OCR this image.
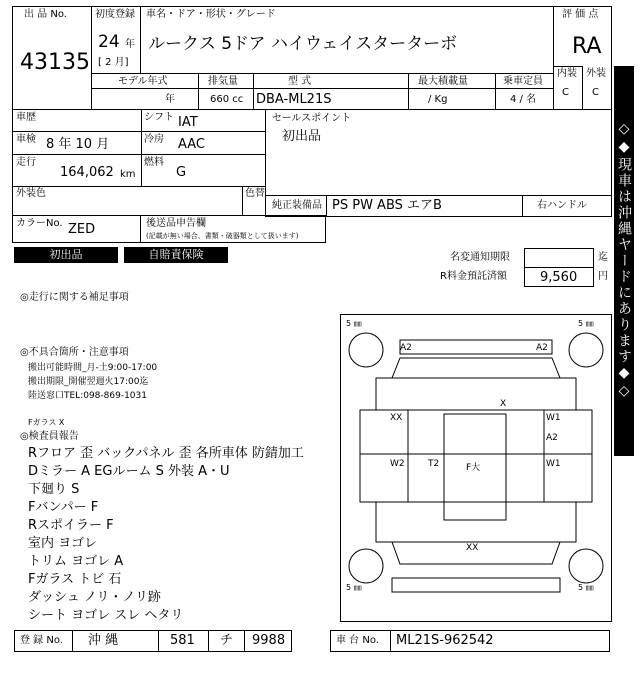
出 品 No.
43135
初度登録
24 年
[ 2 月]
車名・ドア・形状・グレード
ルークス 5ドア ハイウェイスターターボ
評 価 点
RA
内装
C
外装
C
モデル年式
年
排気量
660 cc
型 式
DBA-ML21S
最大積載量
/ Kg
乗車定員
4 / 名
車歴	シフト IAT
車検 8 年 10 月	冷房 AAC
走行
164,062 km
燃料
G
セールスポイント
初出品
外装色	色替
純正装備品 PS PW ABS エアB	右ハンドル
カラーNo. ZED	後送品申告欄
(記載が無い場合、書類・破器類として扱います)
初出品	自賠責保険	名変通知期限	迄
R料金預託済額	9,560 円
◎走行に関する補足事項
◎不具合箇所・注意事項
搬出可能時間_月-土9:00-17:00
搬出期限_開催翌週火17:00迄
陸送窓口TEL:098-869-1031
Fガラス X
◎検査員報告
Rフロア 歪 バックパネル 歪 各所車体 防錆加工
Dミラー A EGルーム S 外装 A・U
下廻り S
Fバンパー F
Rスポイラー F
室内 ヨゴレ
トリム ヨゴレ A
Fガラス トビ 石
ダッシュ ノリ・ノリ跡
シート ヨゴレ スレ ヘタリ
5 ㎜	5 ㎜
5 ㎜	5 ㎜
A2	A2
X
XX	W1
A2
W2	T2	F大	W1
XX
◇◆現車は沖縄ヤードにあります◆◇
登 録 No. 沖 縄	581 チ 9988	車 台 No. ML21S-962542
